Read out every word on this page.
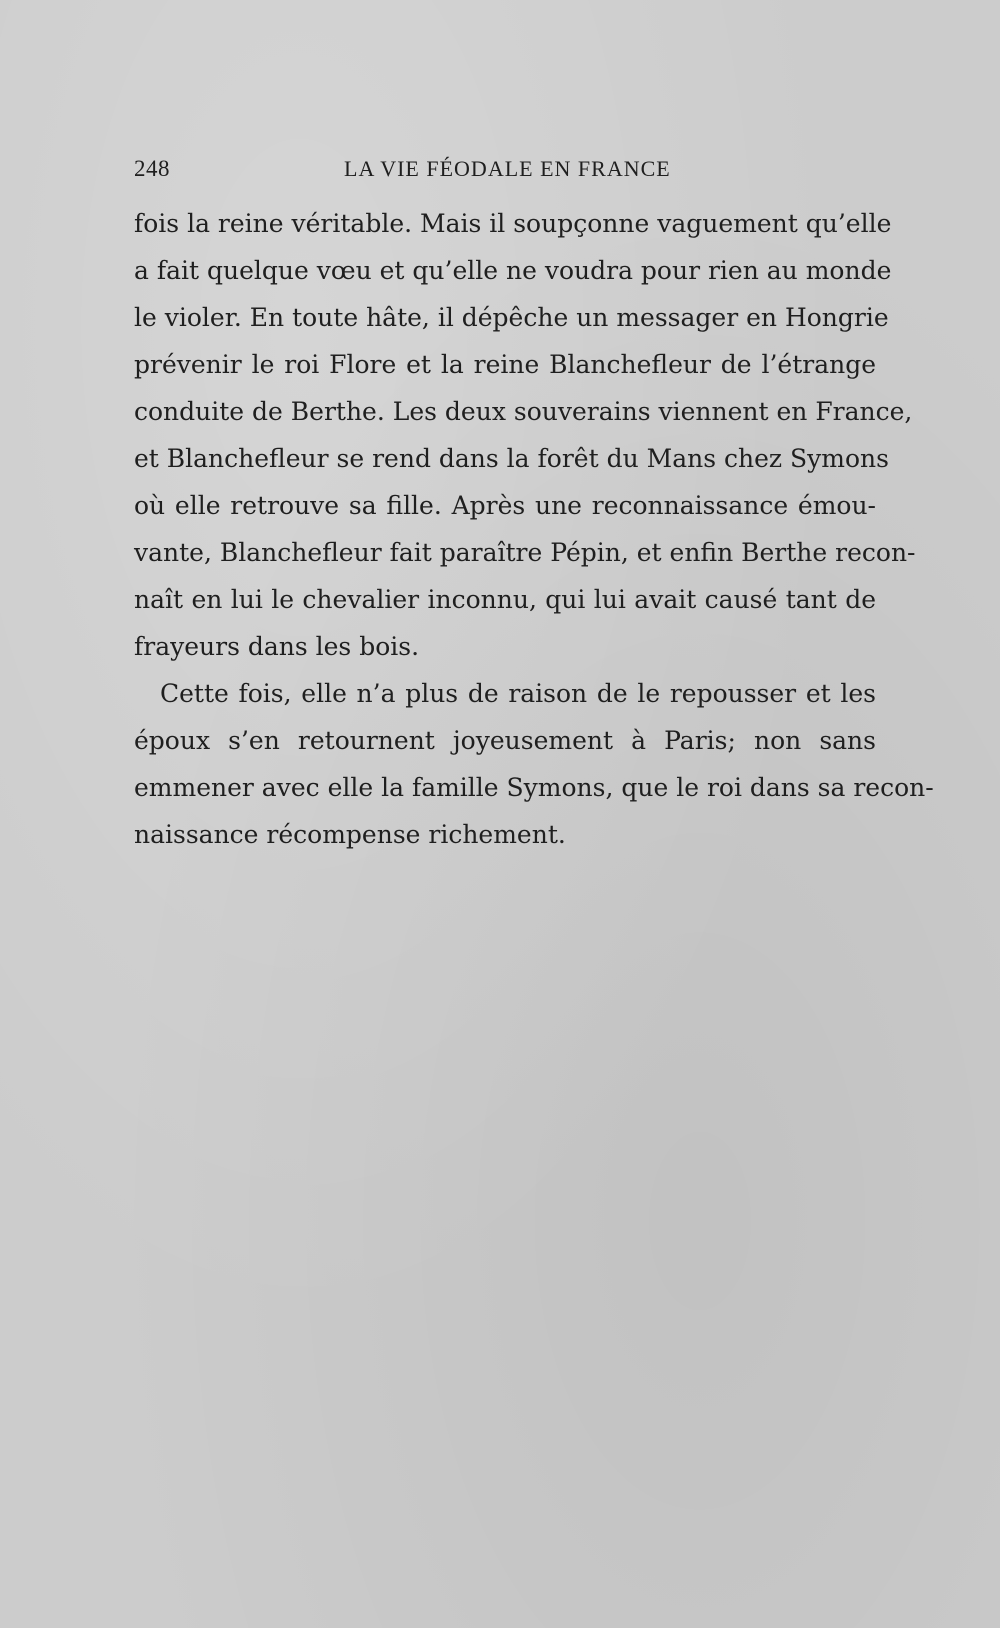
248	LA VIE FÉODALE EN FRANCE
fois la reine véritable. Mais il soupçonne vaguement qu’elle
a fait quelque vœu et qu’elle ne voudra pour rien au monde
le violer. En toute hâte, il dépêche un messager en Hongrie
prévenir le roi Flore et la reine Blanchefleur de l’étrange
conduite de Berthe. Les deux souverains viennent en France,
et Blanchefleur se rend dans la forêt du Mans chez Symons
où elle retrouve sa fille. Après une reconnaissance émou-
vante, Blanchefleur fait paraître Pépin, et enfin Berthe recon-
naît en lui le chevalier inconnu, qui lui avait causé tant de
frayeurs dans les bois.
Cette fois, elle n’a plus de raison de le repousser et les
époux s’en retournent joyeusement à Paris; non sans
emmener avec elle la famille Symons, que le roi dans sa recon-
naissance récompense richement.
